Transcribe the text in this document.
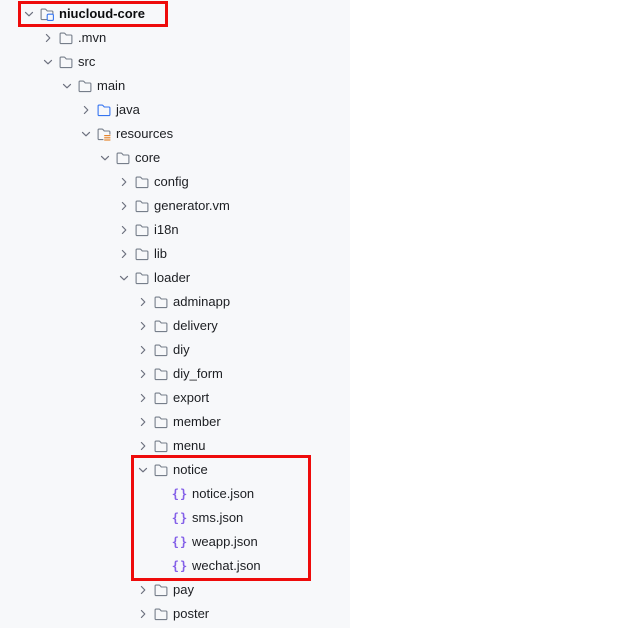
niucloud-core
.mvn
src
main
java
resources
core
config
generator.vm
i18n
lib
loader
adminapp
delivery
diy
diy_form
export
member
menu
notice
{} notice.json
{} sms.json
{} weapp.json
{} wechat.json
pay
poster
